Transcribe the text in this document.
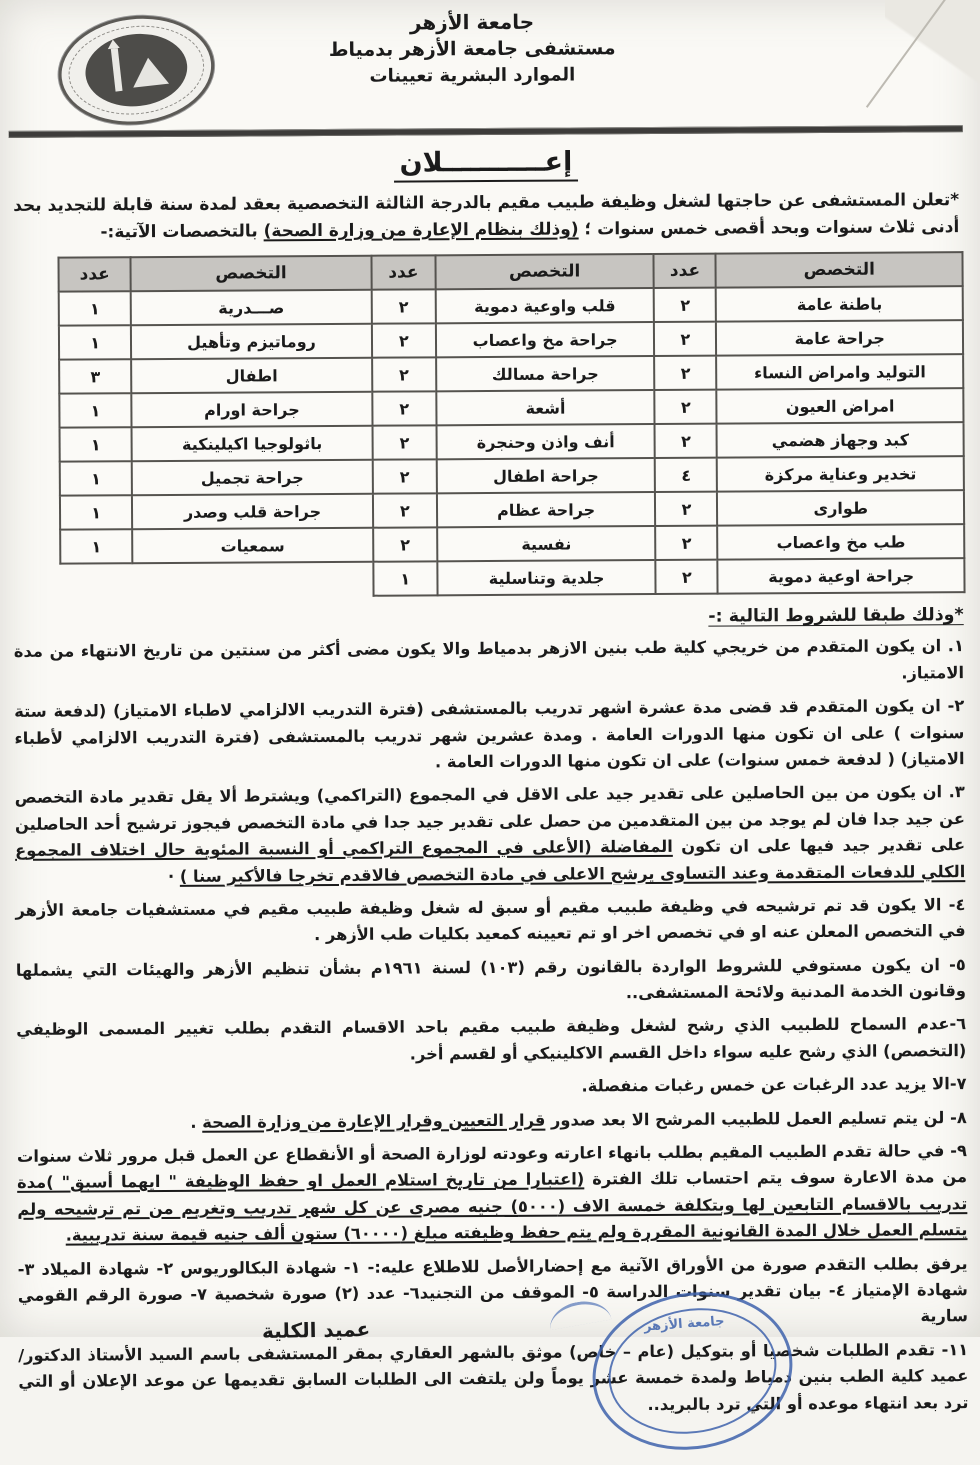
جامعة الأزهر
مستشفى جامعة الأزهر بدمياط
الموارد البشرية تعيينات
إعـــــــــــلان

*تعلن المستشفى عن حاجتها لشغل وظيفة طبيب مقيم بالدرجة الثالثة التخصصية بعقد لمدة سنة قابلة للتجديد بحد أدنى ثلاث سنوات وبحد أقصى خمس سنوات ؛ (وذلك بنظام الإعارة من وزارة الصحة) بالتخصصات الآتية:-

التخصص	عدد	التخصص	عدد	التخصص	عدد
باطنة عامة	٢	قلب واوعية دموية	٢	صـــدرية	١
جراحة عامة	٢	جراحة مخ واعصاب	٢	روماتيزم وتأهيل	١
التوليد وامراض النساء	٢	جراحة مسالك	٢	اطفال	٣
امراض العيون	٢	أشعة	٢	جراحة اورام	١
كبد وجهاز هضمي	٢	أنف واذن وحنجرة	٢	باثولوجيا اكيلينكية	١
تخدير وعناية مركزة	٤	جراحة اطفال	٢	جراحة تجميل	١
طوارى	٢	جراحة عظام	٢	جراحة قلب وصدر	١
طب مخ واعصاب	٢	نفسية	٢	سمعيات	١
جراحة اوعية دموية	٢	جلدية وتناسلية	١		
*وذلك طبقا للشروط التالية :-

١. ان يكون المتقدم من خريجي كلية طب بنين الازهر بدمياط والا يكون مضى أكثر من سنتين من تاريخ الانتهاء من مدة الامتياز.

٢- ان يكون المتقدم قد قضى مدة عشرة اشهر تدريب بالمستشفى (فترة التدريب الالزامي لاطباء الامتياز) (لدفعة ستة سنوات ) على ان تكون منها الدورات العامة . ومدة عشرين شهر تدريب بالمستشفى (فترة التدريب الالزامي لأطباء الامتياز) ( لدفعة خمس سنوات) على ان تكون منها الدورات العامة .

٣. ان يكون من بين الحاصلين على تقدير جيد على الاقل في المجموع (التراكمي) ويشترط ألا يقل تقدير مادة التخصص عن جيد جدا فان لم يوجد من بين المتقدمين من حصل على تقدير جيد جدا في مادة التخصص فيجوز ترشيح أحد الحاصلين على تقدير جيد فيها على ان تكون المفاضلة (الأعلى في المجموع التراكمي أو النسبة المئوية حال اختلاف المجموع الكلي للدفعات المتقدمة وعند التساوى يرشح الاعلى في مادة التخصص فالاقدم تخرجا فالأكبر سنا ) ·

٤- الا يكون قد تم ترشيحه في وظيفة طبيب مقيم أو سبق له شغل وظيفة طبيب مقيم في مستشفيات جامعة الأزهر في التخصص المعلن عنه او في تخصص اخر او تم تعيينه كمعيد بكليات طب الأزهر .

٥- ان يكون مستوفي للشروط الواردة بالقانون رقم (١٠٣) لسنة ١٩٦١م بشأن تنظيم الأزهر والهيئات التي يشملها وقانون الخدمة المدنية ولائحة المستشفى..

٦-عدم السماح للطبيب الذي رشح لشغل وظيفة طبيب مقيم باحد الاقسام التقدم بطلب تغيير المسمى الوظيفي (التخصص) الذي رشح عليه سواء داخل القسم الاكلينيكي أو لقسم أخر.

٧-الا يزيد عدد الرغبات عن خمس رغبات منفصلة.

٨- لن يتم تسليم العمل للطبيب المرشح الا بعد صدور قرار التعيين وقرار الإعارة من وزارة الصحة .

٩- في حالة تقدم الطبيب المقيم بطلب بانهاء اعارته وعودته لوزارة الصحة أو الأنقطاع عن العمل قبل مرور ثلاث سنوات من مدة الاعارة سوف يتم احتساب تلك الفترة (اعتبارا من تاريخ استلام العمل او حفظ الوظيفة " ايهما أسبق" )مدة تدريب بالاقسام التابعين لها وبتكلفة خمسة الاف (٥٠٠٠) جنيه مصرى عن كل شهر تدريب وتغريم من تم ترشيحه ولم يتسلم العمل خلال المدة القانونية المقررة ولم يتم حفظ وظيفته مبلغ (٦٠٠٠٠) ستون ألف جنيه قيمة سنة تدريبية.

يرفق بطلب التقدم صورة من الأوراق الآتية مع إحضارالأصل للاطلاع عليه:- ١- شهادة البكالوريوس ٢- شهادة الميلاد ٣- شهادة الإمتياز ٤- بيان تقدير سنوات الدراسة ٥- الموقف من التجنيد٦- عدد (٢) صورة شخصية ٧- صورة الرقم القومي سارية

١١- تقدم الطلبات شخصيا أو بتوكيل (عام – خاص) موثق بالشهر العقاري بمقر المستشفى باسم السيد الأستاذ الدكتور/ عميد كلية الطب بنين دمياط ولمدة خمسة عشر يوماً ولن يلتفت الى الطلبات السابق تقديمها عن موعد الإعلان أو التي ترد بعد انتهاء موعده أو التي ترد بالبريد..

عميد الكلية	جامعة الأزهر
